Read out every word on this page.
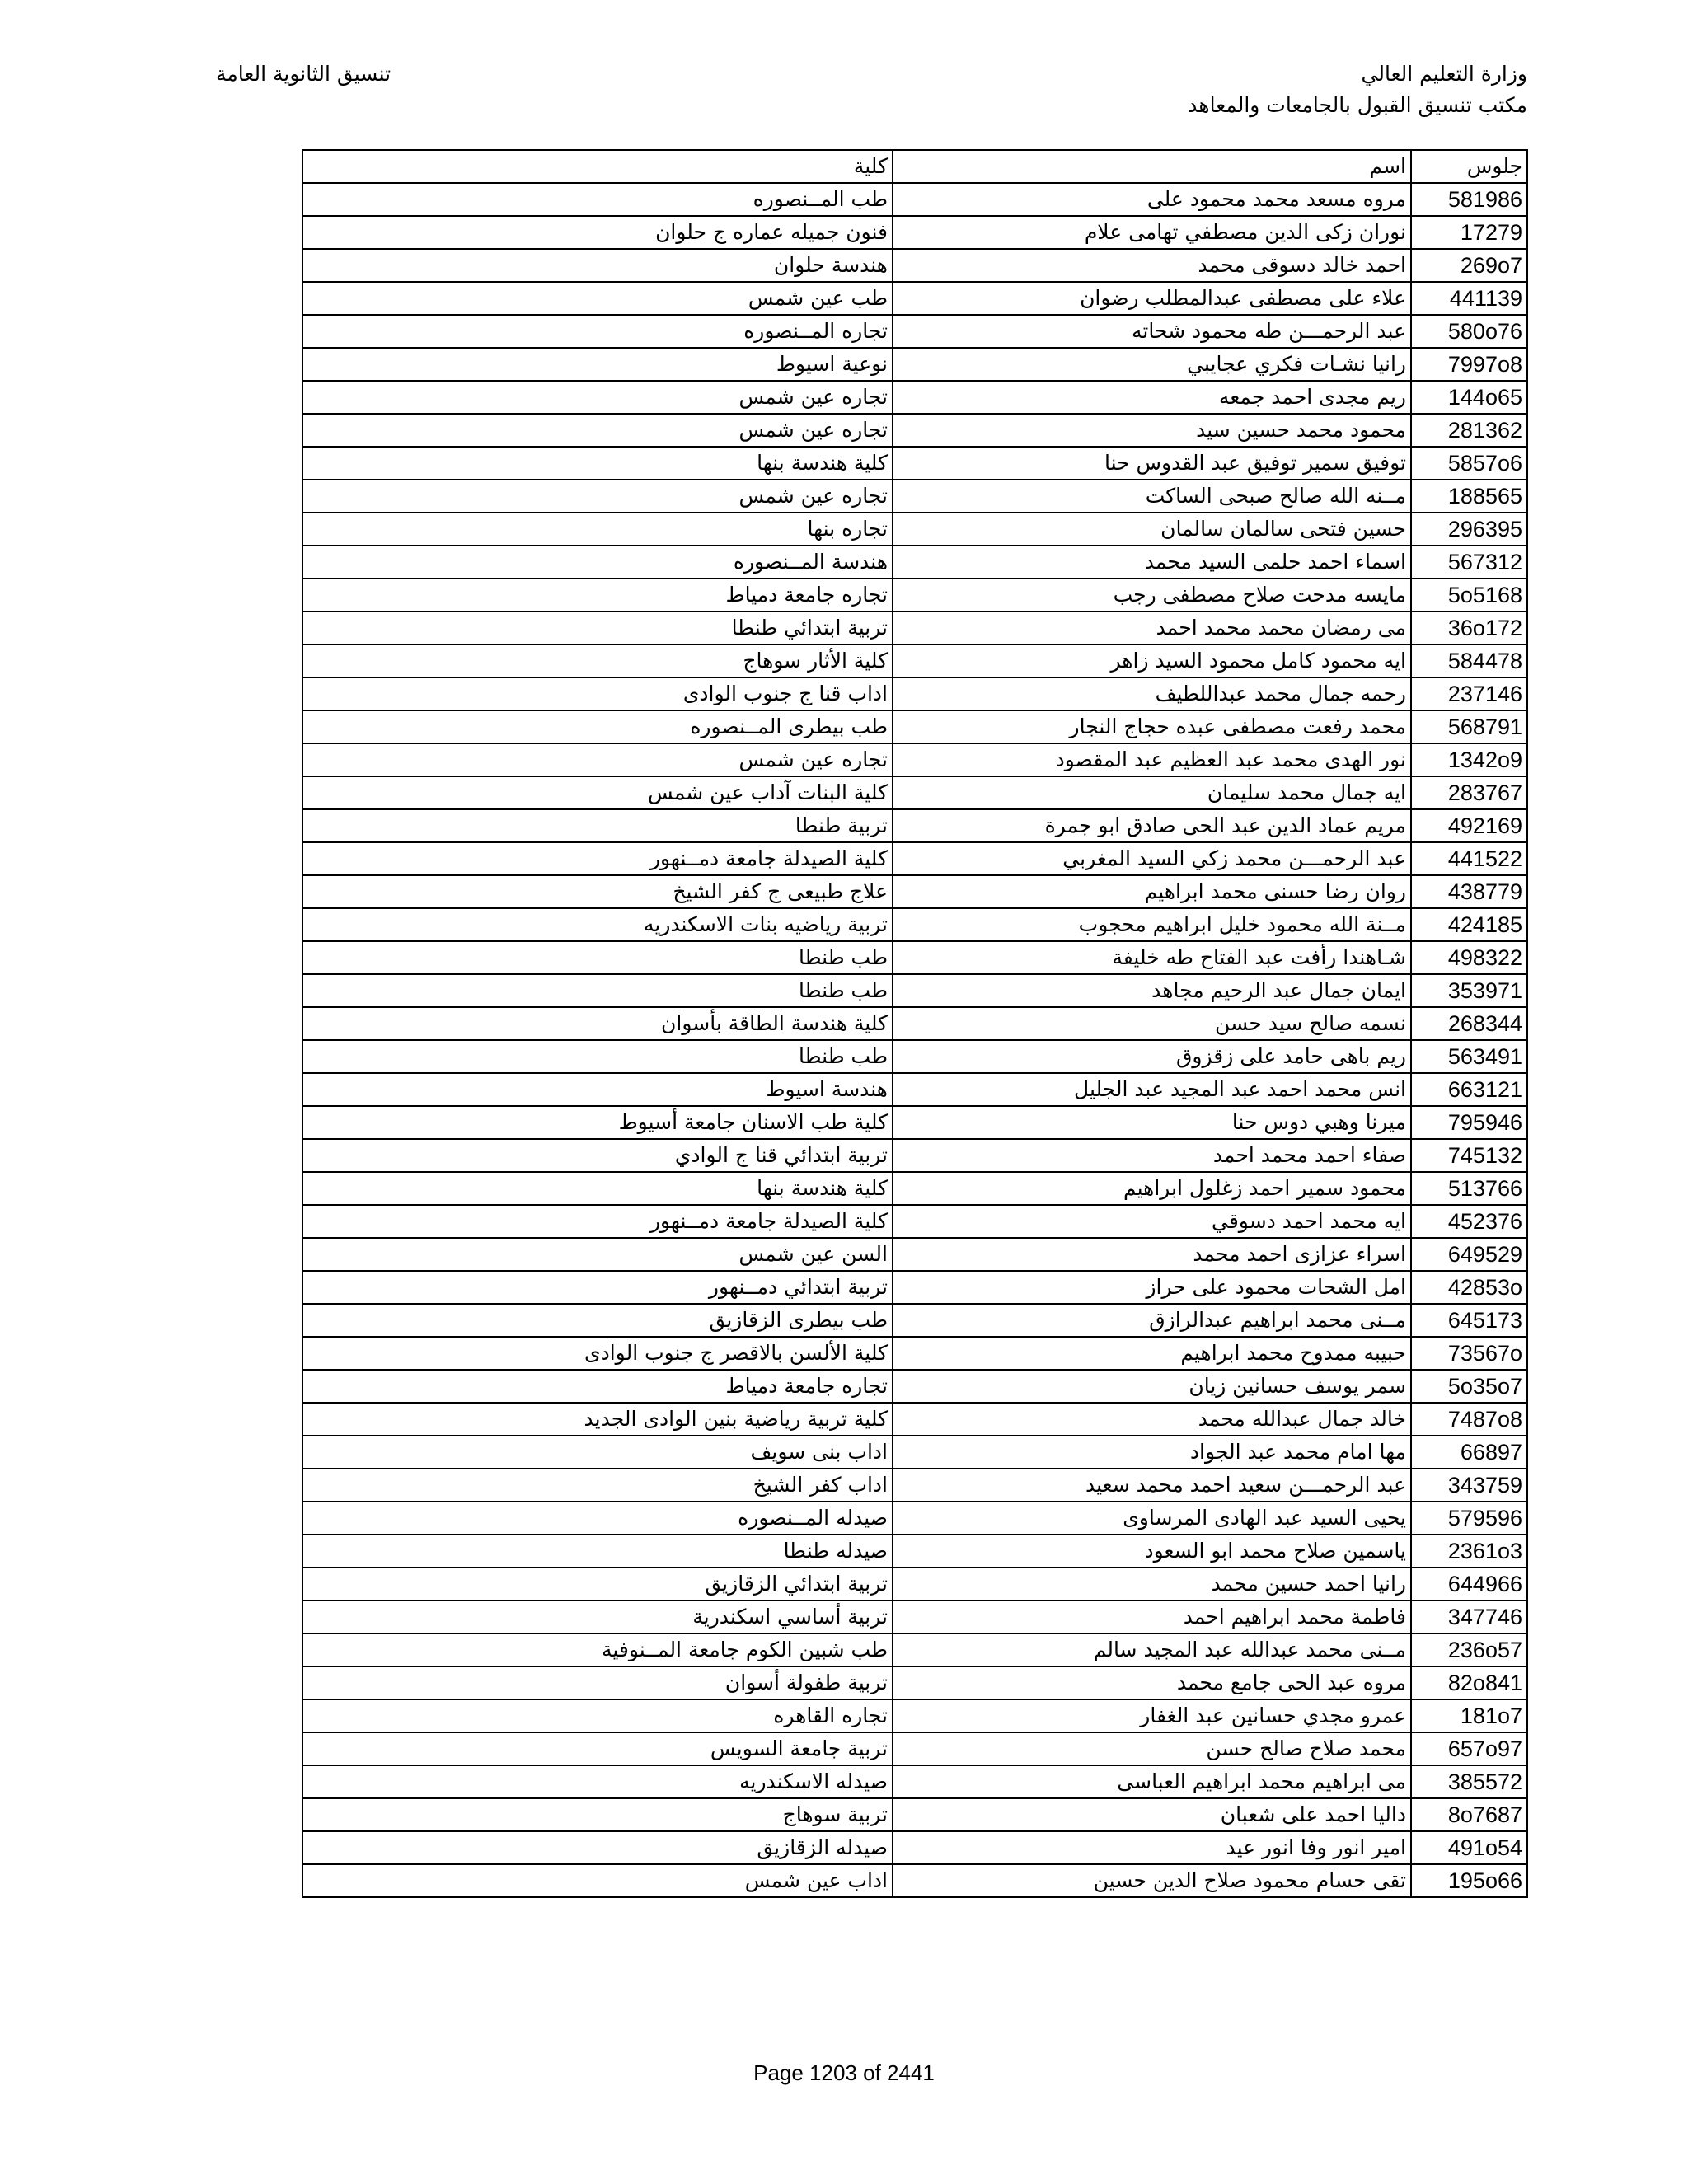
وزارة التعليم العالي
مكتب تنسيق القبول بالجامعات والمعاهد
تنسيق الثانوية العامة
جلوس	اسم	كلية
581986	مروه مسعد محمد محمود على	طب المــنصوره
17279	نوران زكى الدين مصطفي تهامى علام	فنون جميله عماره ج حلوان
269o7	احمد خالد دسوقى محمد	هندسة حلوان
441139	علاء على مصطفى عبدالمطلب رضوان	طب عين شمس
580o76	عبد الرحمـــن طه محمود شحاته	تجاره المــنصوره
7997o8	رانيا نشـات فكري عجايبي	نوعية اسيوط
144o65	ريم مجدى احمد جمعه	تجاره عين شمس
281362	محمود محمد حسين سيد	تجاره عين شمس
5857o6	توفيق سمير توفيق عبد القدوس حنا	كلية هندسة بنها
188565	مــنه الله صالح صبحى الساكت	تجاره عين شمس
296395	حسين فتحى سالمان سالمان	تجاره بنها
567312	اسماء احمد حلمى السيد محمد	هندسة المــنصوره
5o5168	مايسه مدحت صلاح مصطفى رجب	تجاره جامعة دمياط
36o172	مى رمضان محمد محمد احمد	تربية ابتدائي طنطا
584478	ايه محمود كامل محمود السيد زاهر	كلية الأثار سوهاج
237146	رحمه جمال محمد عبداللطيف	اداب قنا ج جنوب الوادى
568791	محمد رفعت مصطفى عبده حجاج النجار	طب بيطرى المــنصوره
1342o9	نور الهدى محمد عبد العظيم عبد المقصود	تجاره عين شمس
283767	ايه جمال محمد سليمان	كلية البنات آداب عين شمس
492169	مريم عماد الدين عبد الحى صادق ابو جمرة	تربية طنطا
441522	عبد الرحمـــن محمد زكي السيد المغربي	كلية الصيدلة جامعة دمــنهور
438779	روان رضا حسنى محمد ابراهيم	علاج طبيعى ج كفر الشيخ
424185	مــنة الله محمود خليل ابراهيم محجوب	تربية رياضيه بنات الاسكندريه
498322	شـاهندا رأفت عبد الفتاح طه خليفة	طب طنطا
353971	ايمان جمال عبد الرحيم مجاهد	طب طنطا
268344	نسمه صالح سيد حسن	كلية هندسة الطاقة بأسوان
563491	ريم باهى حامد على زقزوق	طب طنطا
663121	انس محمد احمد عبد المجيد عبد الجليل	هندسة اسيوط
795946	ميرنا وهبي دوس حنا	كلية طب الاسنان جامعة أسيوط
745132	صفاء احمد محمد احمد	تربية ابتدائي قنا ج الوادي
513766	محمود سمير احمد زغلول ابراهيم	كلية هندسة بنها
452376	ايه محمد احمد دسوقي	كلية الصيدلة جامعة دمــنهور
649529	اسراء عزازى احمد محمد	السن عين شمس
42853o	امل الشحات محمود على حراز	تربية ابتدائي دمــنهور
645173	مــنى محمد ابراهيم عبدالرازق	طب بيطرى الزقازيق
73567o	حبيبه ممدوح محمد ابراهيم	كلية الألسن بالاقصر ج جنوب الوادى
5o35o7	سمر يوسف حسانين زيان	تجاره جامعة دمياط
7487o8	خالد جمال عبدالله محمد	كلية تربية رياضية بنين الوادى الجديد
66897	مها امام محمد عبد الجواد	اداب بنى سويف
343759	عبد الرحمـــن سعيد احمد محمد سعيد	اداب كفر الشيخ
579596	يحيى السيد عبد الهادى المرساوى	صيدله المــنصوره
2361o3	ياسمين صلاح محمد ابو السعود	صيدله طنطا
644966	رانيا احمد حسين محمد	تربية ابتدائي الزقازيق
347746	فاطمة محمد ابراهيم احمد	تربية أساسي اسكندرية
236o57	مــنى محمد عبدالله عبد المجيد سالم	طب شبين الكوم جامعة المــنوفية
82o841	مروه عبد الحى جامع محمد	تربية طفولة أسوان
181o7	عمرو مجدي حسانين عبد الغفار	تجاره القاهره
657o97	محمد صلاح صالح حسن	تربية جامعة السويس
385572	مى ابراهيم محمد ابراهيم العباسى	صيدله الاسكندريه
8o7687	داليا احمد على شعبان	تربية سوهاج
491o54	امير انور وفا انور عيد	صيدله الزقازيق
195o66	تقى حسام محمود صلاح الدين حسين	اداب عين شمس
Page 1203 of 2441
